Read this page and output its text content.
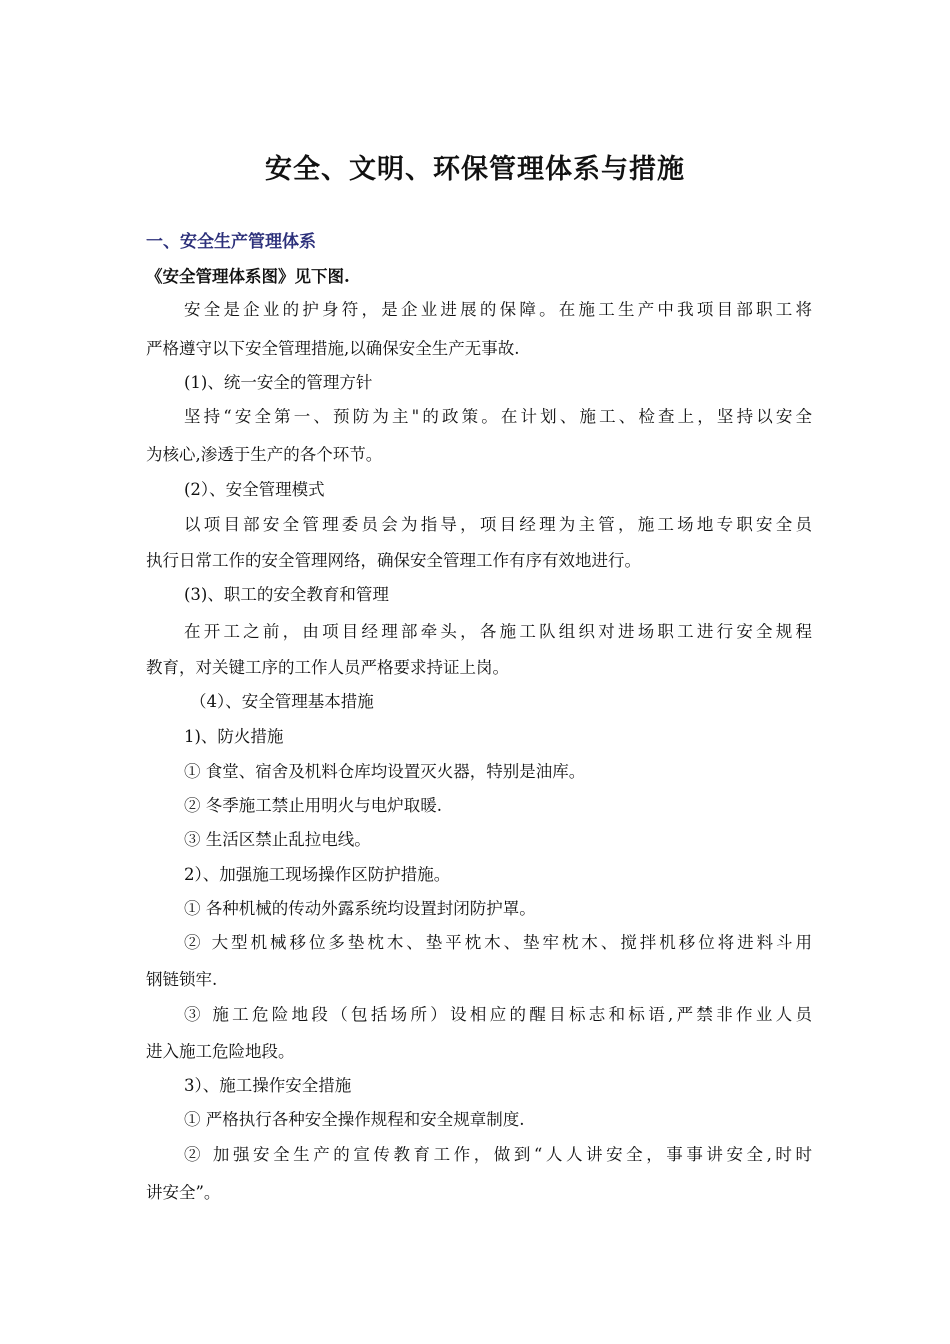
安全、文明、环保管理体系与措施
一、安全生产管理体系
《安全管理体系图》见下图.
安全是企业的护身符，是企业进展的保障。在施工生产中我项目部职工将
严格遵守以下安全管理措施,以确保安全生产无事故.
(1)、统一安全的管理方针
坚持“安全第一、预防为主"的政策。在计划、施工、检查上，坚持以安全
为核心,渗透于生产的各个环节。
(2）、安全管理模式
以项目部安全管理委员会为指导，项目经理为主管，施工场地专职安全员
执行日常工作的安全管理网络，确保安全管理工作有序有效地进行。
(3)、职工的安全教育和管理
在开工之前，由项目经理部牵头，各施工队组织对进场职工进行安全规程
教育，对关键工序的工作人员严格要求持证上岗。
（4）、安全管理基本措施
1)、防火措施
① 食堂、宿舍及机料仓库均设置灭火器，特别是油库。
② 冬季施工禁止用明火与电炉取暖.
③ 生活区禁止乱拉电线。
2）、加强施工现场操作区防护措施。
① 各种机械的传动外露系统均设置封闭防护罩。
② 大型机械移位多垫枕木、垫平枕木、垫牢枕木、搅拌机移位将进料斗用
钢链锁牢.
③ 施工危险地段（包括场所）设相应的醒目标志和标语,严禁非作业人员
进入施工危险地段。
3）、施工操作安全措施
① 严格执行各种安全操作规程和安全规章制度.
② 加强安全生产的宣传教育工作，做到“人人讲安全，事事讲安全,时时
讲安全”。
